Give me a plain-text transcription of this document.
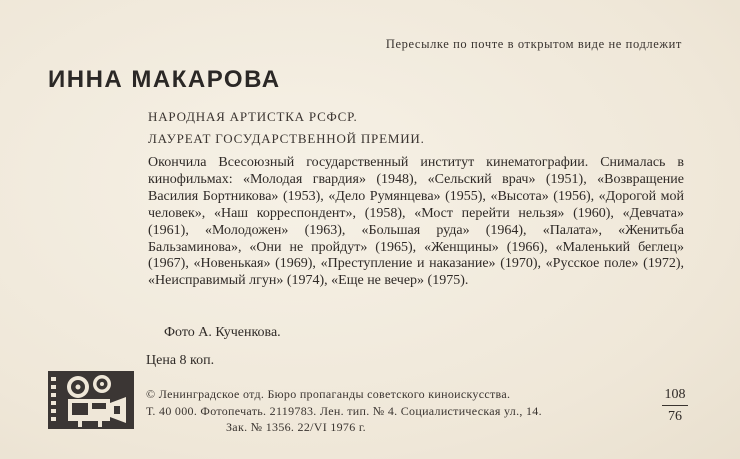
Пересылке по почте в открытом виде не подлежит
ИННА МАКАРОВА
НАРОДНАЯ АРТИСТКА РСФСР.
ЛАУРЕАТ ГОСУДАРСТВЕННОЙ ПРЕМИИ.

Окончила Всесоюзный государственный институт кинематографии. Снималась в кинофильмах: «Молодая гвардия» (1948), «Сельский врач» (1951), «Возвращение Василия Бортникова» (1953), «Дело Румянцева» (1955), «Высота» (1956), «Дорогой мой человек», «Наш корреспондент», (1958), «Мост перейти нельзя» (1960), «Девчата» (1961), «Молодожен» (1963), «Большая руда» (1964), «Палата», «Женитьба Бальзаминова», «Они не пройдут» (1965), «Женщины» (1966), «Маленький беглец» (1967), «Новенькая» (1969), «Преступление и наказание» (1970), «Русское поле» (1972), «Неисправимый лгун» (1974), «Еще не вечер» (1975).

Фото А. Кученкова.
Цена 8 коп.
© Ленинградское отд. Бюро пропаганды советского киноискусства.
Т. 40 000. Фотопечать. 2119783. Лен. тип. № 4. Социалистическая ул., 14.
Зак. № 1356. 22/VI 1976 г.
108
76
